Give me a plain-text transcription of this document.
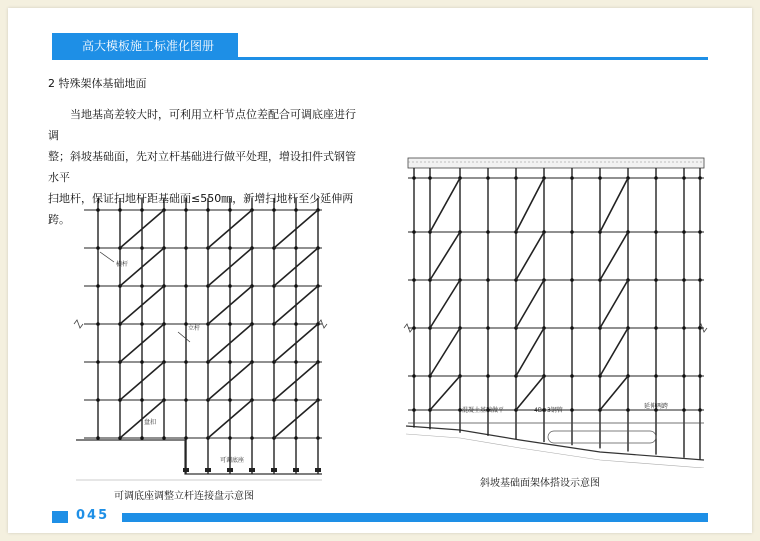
高大模板施工标准化图册
2 特殊架体基础地面

当地基高差较大时，可利用立杆节点位差配合可调底座进行调
整；斜坡基础面，先对立杆基础进行做平处理，增设扣件式钢管水平
扫地杆，保证扫地杆距基础面≤550㎜，新增扫地杆至少延伸两跨。

横杆
立杆
盘扣
可调底座
可调底座调整立杆连接盘示意图
混凝土基础做平	4B×3钢管
延伸两跨
斜坡基础面架体搭设示意图
045
